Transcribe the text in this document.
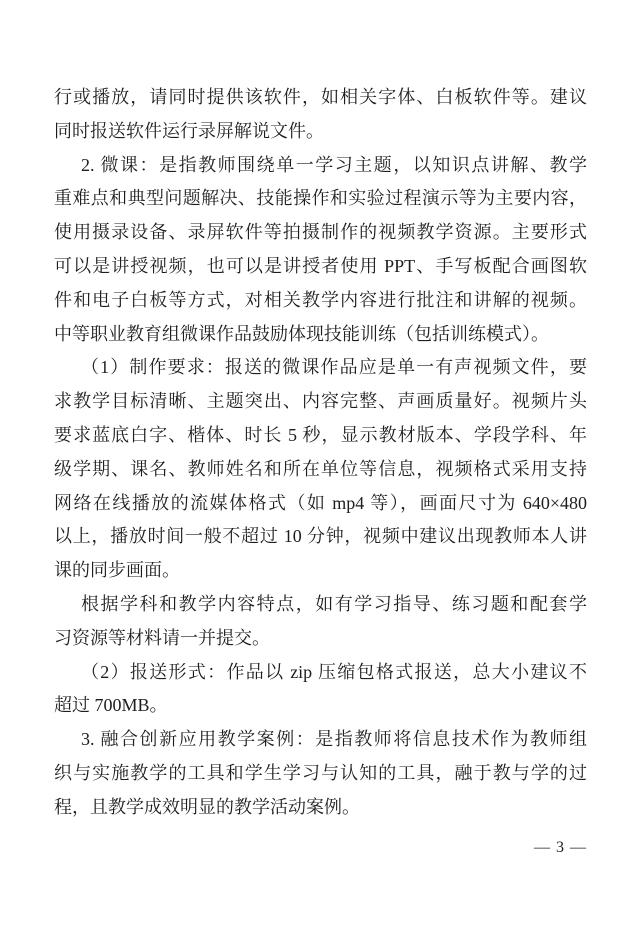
行或播放，请同时提供该软件，如相关字体、白板软件等。建议
同时报送软件运行录屏解说文件。
2. 微课：是指教师围绕单一学习主题，以知识点讲解、教学
重难点和典型问题解决、技能操作和实验过程演示等为主要内容，
使用摄录设备、录屏软件等拍摄制作的视频教学资源。主要形式
可以是讲授视频，也可以是讲授者使用 PPT、手写板配合画图软
件和电子白板等方式，对相关教学内容进行批注和讲解的视频。
中等职业教育组微课作品鼓励体现技能训练（包括训练模式）。
（1）制作要求：报送的微课作品应是单一有声视频文件，要
求教学目标清晰、主题突出、内容完整、声画质量好。视频片头
要求蓝底白字、楷体、时长 5 秒，显示教材版本、学段学科、年
级学期、课名、教师姓名和所在单位等信息，视频格式采用支持
网络在线播放的流媒体格式（如 mp4 等），画面尺寸为 640×480
以上，播放时间一般不超过 10 分钟，视频中建议出现教师本人讲
课的同步画面。
根据学科和教学内容特点，如有学习指导、练习题和配套学
习资源等材料请一并提交。
（2）报送形式：作品以 zip 压缩包格式报送，总大小建议不
超过 700MB。
3. 融合创新应用教学案例：是指教师将信息技术作为教师组
织与实施教学的工具和学生学习与认知的工具，融于教与学的过
程，且教学成效明显的教学活动案例。
— 3 —
